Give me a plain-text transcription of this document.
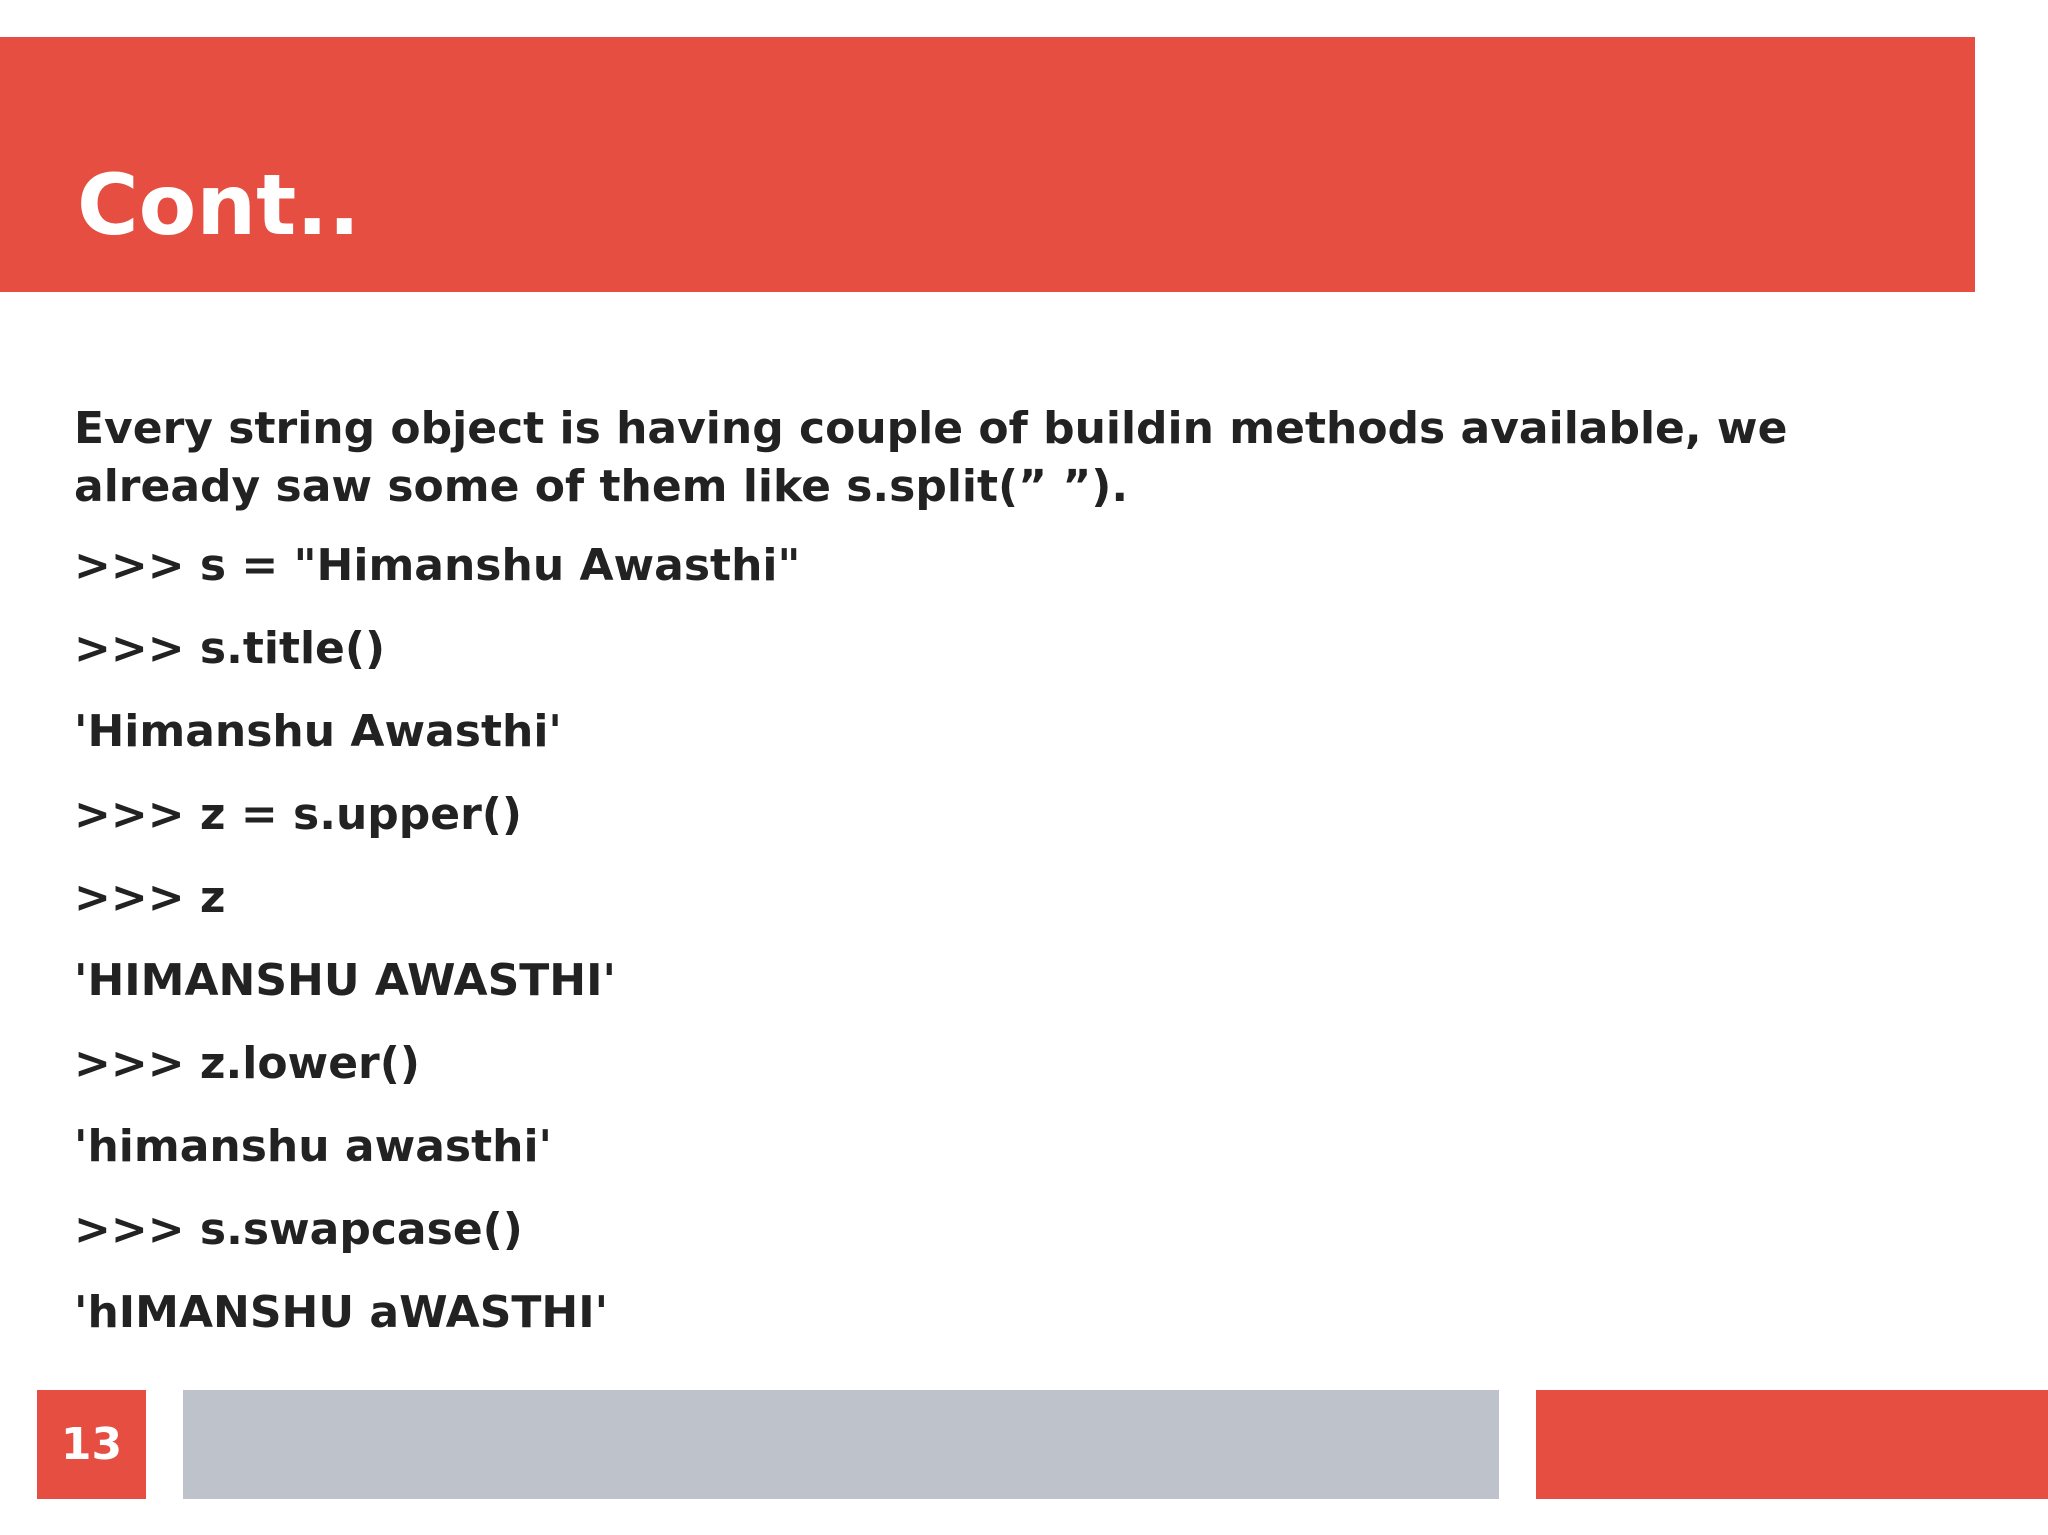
Cont..

Every string object is having couple of buildin methods available, we already saw some of them like s.split(” ”).

>>> s = "Himanshu Awasthi"

>>> s.title()

'Himanshu Awasthi'

>>> z = s.upper()

>>> z

'HIMANSHU AWASTHI'

>>> z.lower()

'himanshu awasthi'

>>> s.swapcase()

'hIMANSHU aWASTHI'

13
